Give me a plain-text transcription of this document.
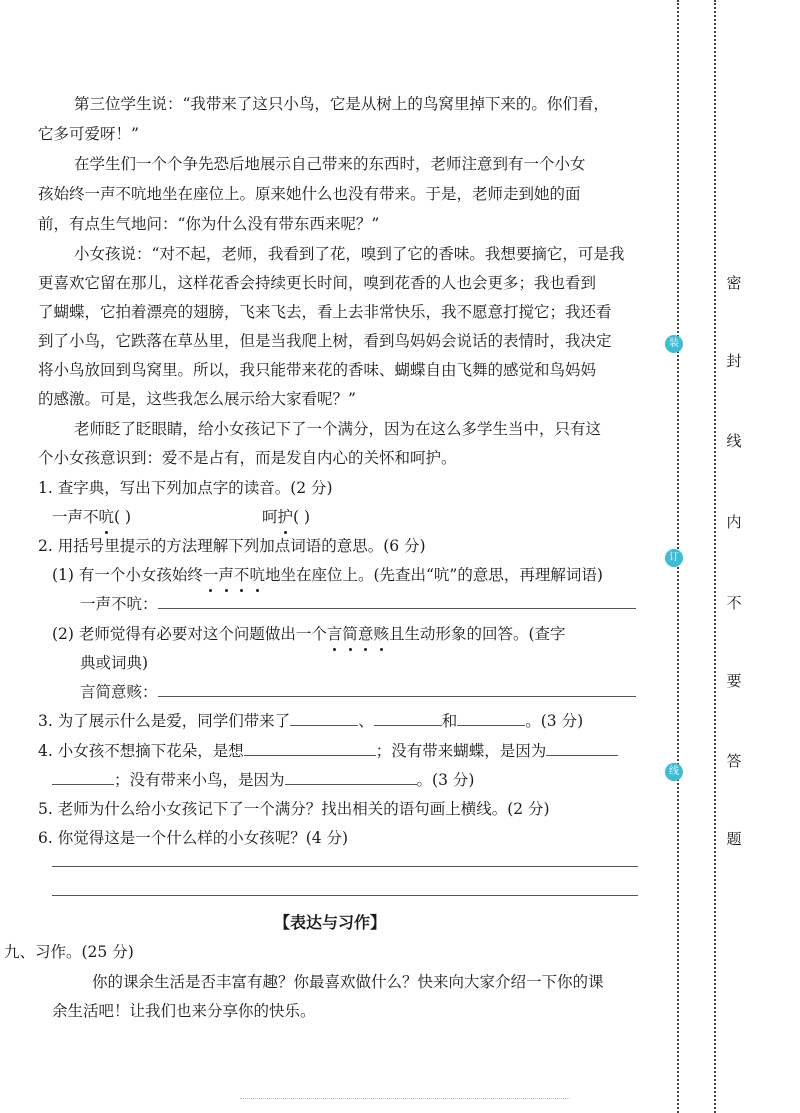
第三位学生说：“我带来了这只小鸟，它是从树上的鸟窝里掉下来的。你们看，
它多可爱呀！”
在学生们一个个争先恐后地展示自己带来的东西时，老师注意到有一个小女
孩始终一声不吭地坐在座位上。原来她什么也没有带来。于是，老师走到她的面
前，有点生气地问：“你为什么没有带东西来呢？”
小女孩说：“对不起，老师，我看到了花，嗅到了它的香味。我想要摘它，可是我
更喜欢它留在那儿，这样花香会持续更长时间，嗅到花香的人也会更多；我也看到
了蝴蝶，它拍着漂亮的翅膀，飞来飞去，看上去非常快乐，我不愿意打搅它；我还看
到了小鸟，它跌落在草丛里，但是当我爬上树，看到鸟妈妈会说话的表情时，我决定
将小鸟放回到鸟窝里。所以，我只能带来花的香味、蝴蝶自由飞舞的感觉和鸟妈妈
的感激。可是，这些我怎么展示给大家看呢？”
老师眨了眨眼睛，给小女孩记下了一个满分，因为在这么多学生当中，只有这
个小女孩意识到：爱不是占有，而是发自内心的关怀和呵护。
1. 查字典，写出下列加点字的读音。(2 分)
一声不吭( )	呵护( )
2. 用括号里提示的方法理解下列加点词语的意思。(6 分)
(1) 有一个小女孩始终一声不吭地坐在座位上。(先查出“吭”的意思，再理解词语)
一声不吭：
(2) 老师觉得有必要对这个问题做出一个言简意赅且生动形象的回答。(查字
典或词典)
言简意赅：
3. 为了展示什么是爱，同学们带来了	、	和	。(3 分)
4. 小女孩不想摘下花朵，是想	；没有带来蝴蝶，是因为
；没有带来小鸟，是因为	。(3 分)
5. 老师为什么给小女孩记下了一个满分？找出相关的语句画上横线。(2 分)
6. 你觉得这是一个什么样的小女孩呢？(4 分)
【表达与习作】
九、习作。(25 分)
你的课余生活是否丰富有趣？你最喜欢做什么？快来向大家介绍一下你的课
余生活吧！让我们也来分享你的快乐。
装
订
线
密
封
线
内
不
要
答
题
